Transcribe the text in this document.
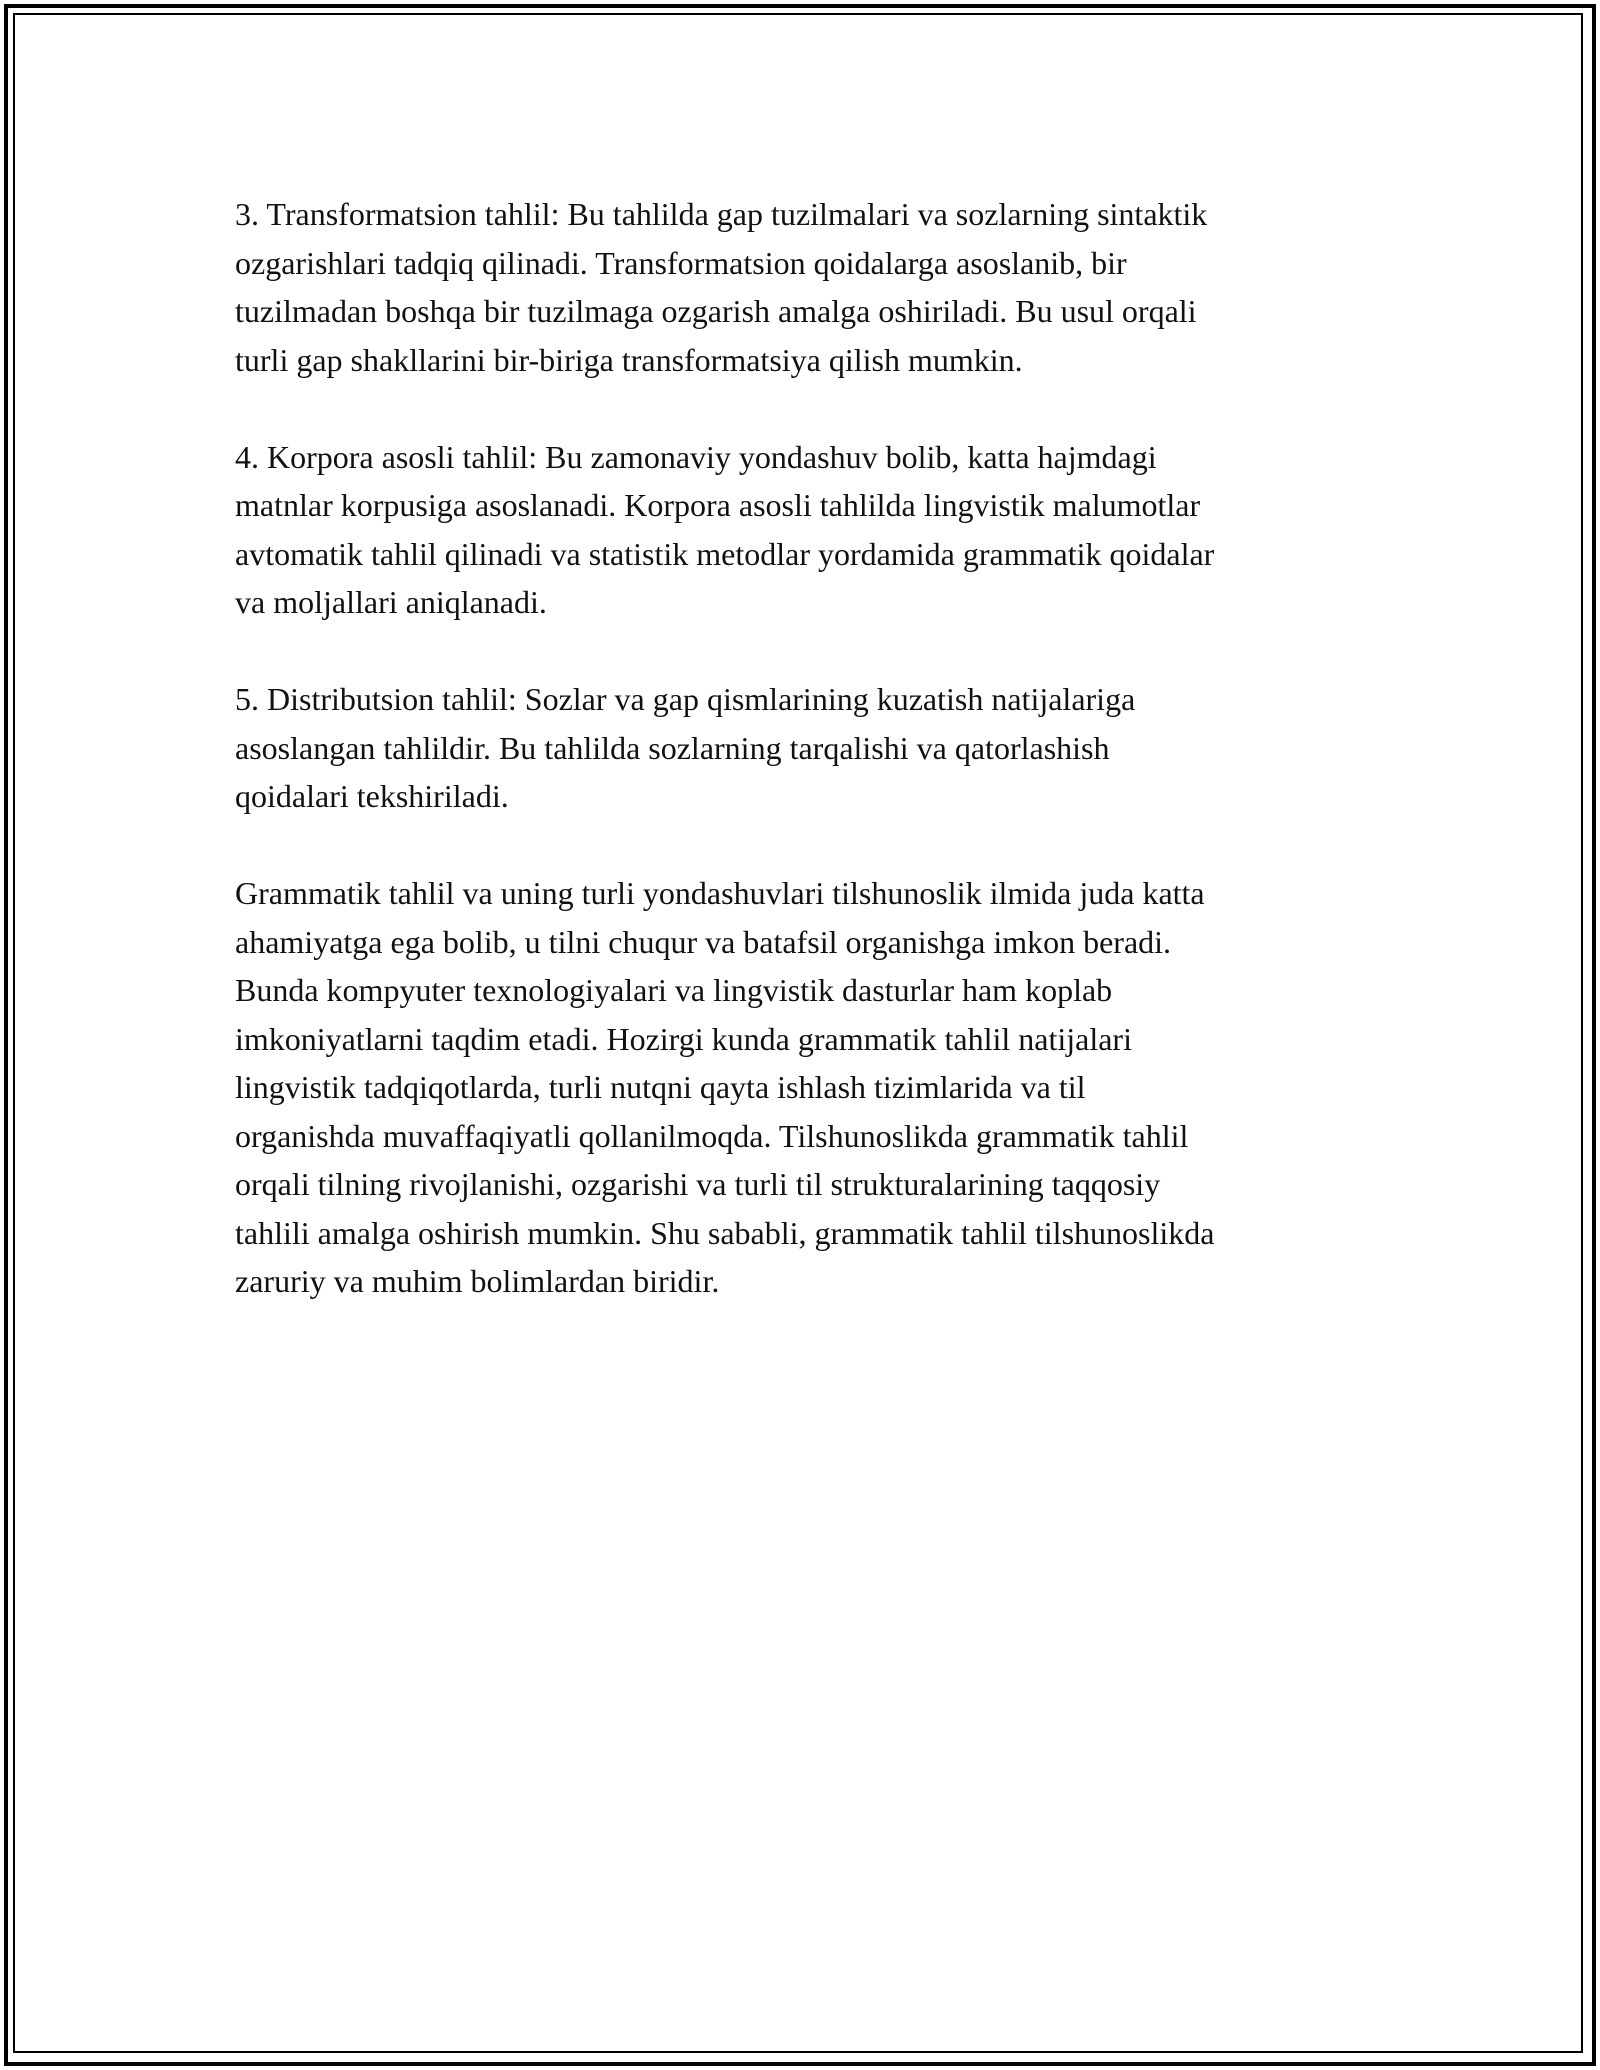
3. Transformatsion tahlil: Bu tahlilda gap tuzilmalari va sozlarning sintaktik
ozgarishlari tadqiq qilinadi. Transformatsion qoidalarga asoslanib, bir
tuzilmadan boshqa bir tuzilmaga ozgarish amalga oshiriladi. Bu usul orqali
turli gap shakllarini bir-biriga transformatsiya qilish mumkin.

4. Korpora asosli tahlil: Bu zamonaviy yondashuv bolib, katta hajmdagi
matnlar korpusiga asoslanadi. Korpora asosli tahlilda lingvistik malumotlar
avtomatik tahlil qilinadi va statistik metodlar yordamida grammatik qoidalar
va moljallari aniqlanadi.

5. Distributsion tahlil: Sozlar va gap qismlarining kuzatish natijalariga
asoslangan tahlildir. Bu tahlilda sozlarning tarqalishi va qatorlashish
qoidalari tekshiriladi.

Grammatik tahlil va uning turli yondashuvlari tilshunoslik ilmida juda katta
ahamiyatga ega bolib, u tilni chuqur va batafsil organishga imkon beradi.
Bunda kompyuter texnologiyalari va lingvistik dasturlar ham koplab
imkoniyatlarni taqdim etadi. Hozirgi kunda grammatik tahlil natijalari
lingvistik tadqiqotlarda, turli nutqni qayta ishlash tizimlarida va til
organishda muvaffaqiyatli qollanilmoqda. Tilshunoslikda grammatik tahlil
orqali tilning rivojlanishi, ozgarishi va turli til strukturalarining taqqosiy
tahlili amalga oshirish mumkin. Shu sababli, grammatik tahlil tilshunoslikda
zaruriy va muhim bolimlardan biridir.
